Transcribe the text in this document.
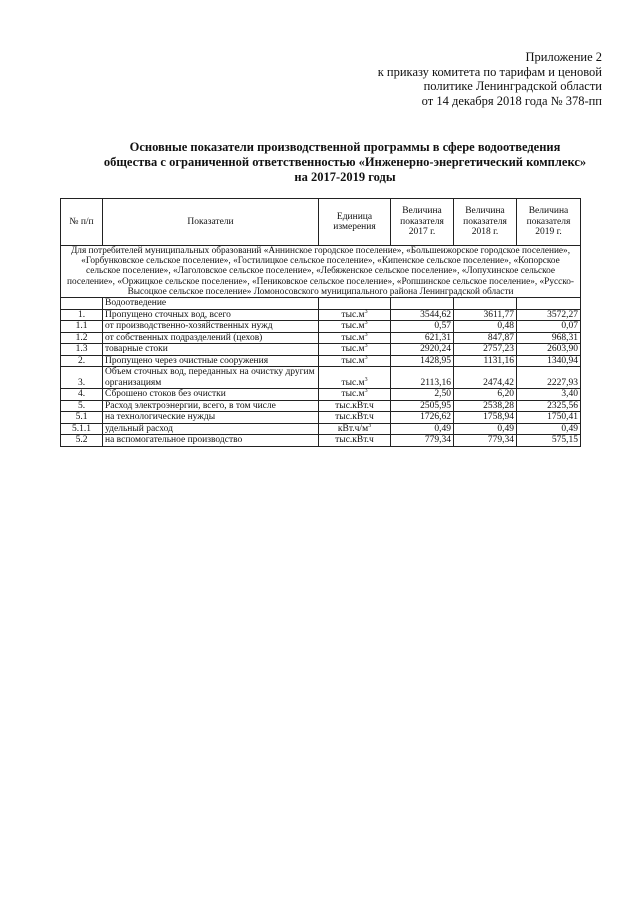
Приложение 2
к приказу комитета по тарифам и ценовой
политике Ленинградской области
от 14 декабря 2018 года № 378-пп
Основные показатели производственной программы в сфере водоотведения
общества с ограниченной ответственностью «Инженерно-энергетический комплекс»
на 2017-2019 годы
№ п/п	Показатели	Единица измерения	Величина показателя 2017 г.	Величина показателя 2018 г.	Величина показателя 2019 г.
Для потребителей муниципальных образований «Аннинское городское поселение», «Большеижорское городское поселение», «Горбунковское сельское поселение», «Гостилицкое сельское поселение», «Кипенское сельское поселение», «Копорское сельское поселение», «Лаголовское сельское поселение», «Лебяженское сельское поселение», «Лопухинское сельское поселение», «Оржицкое сельское поселение», «Пениковское сельское поселение», «Ропшинское сельское поселение», «Русско-Высоцкое сельское поселение» Ломоносовского муниципального района Ленинградской области					
	Водоотведение				
1.	Пропущено сточных вод, всего	$тыс.м^3$	3544,62	3611,77	3572,27
1.1	от производственно-хозяйственных нужд	$тыс.м^3$	0,57	0,48	0,07
1.2	от собственных подразделений (цехов)	$тыс.м^3$	621,31	847,87	968,31
1.3	товарные стоки	$тыс.м^3$	2920,24	2757,23	2603,90
2.	Пропущено через очистные сооружения	$тыс.м^3$	1428,95	1131,16	1340,94
3.	Объем сточных вод, переданных на очистку другим организациям	$тыс.м^3$	2113,16	2474,42	2227,93
4.	Сброшено стоков без очистки	$тыс.м^3$	2,50	6,20	3,40
5.	Расход электроэнергии, всего, в том числе	тыс.кВт.ч	2505,95	2538,28	2325,56
5.1	на технологические нужды	тыс.кВт.ч	1726,62	1758,94	1750,41
5.1.1	удельный расход	$кВт.ч/м^3$	0,49	0,49	0,49
5.2	на вспомогательное производство	тыс.кВт.ч	779,34	779,34	575,15
